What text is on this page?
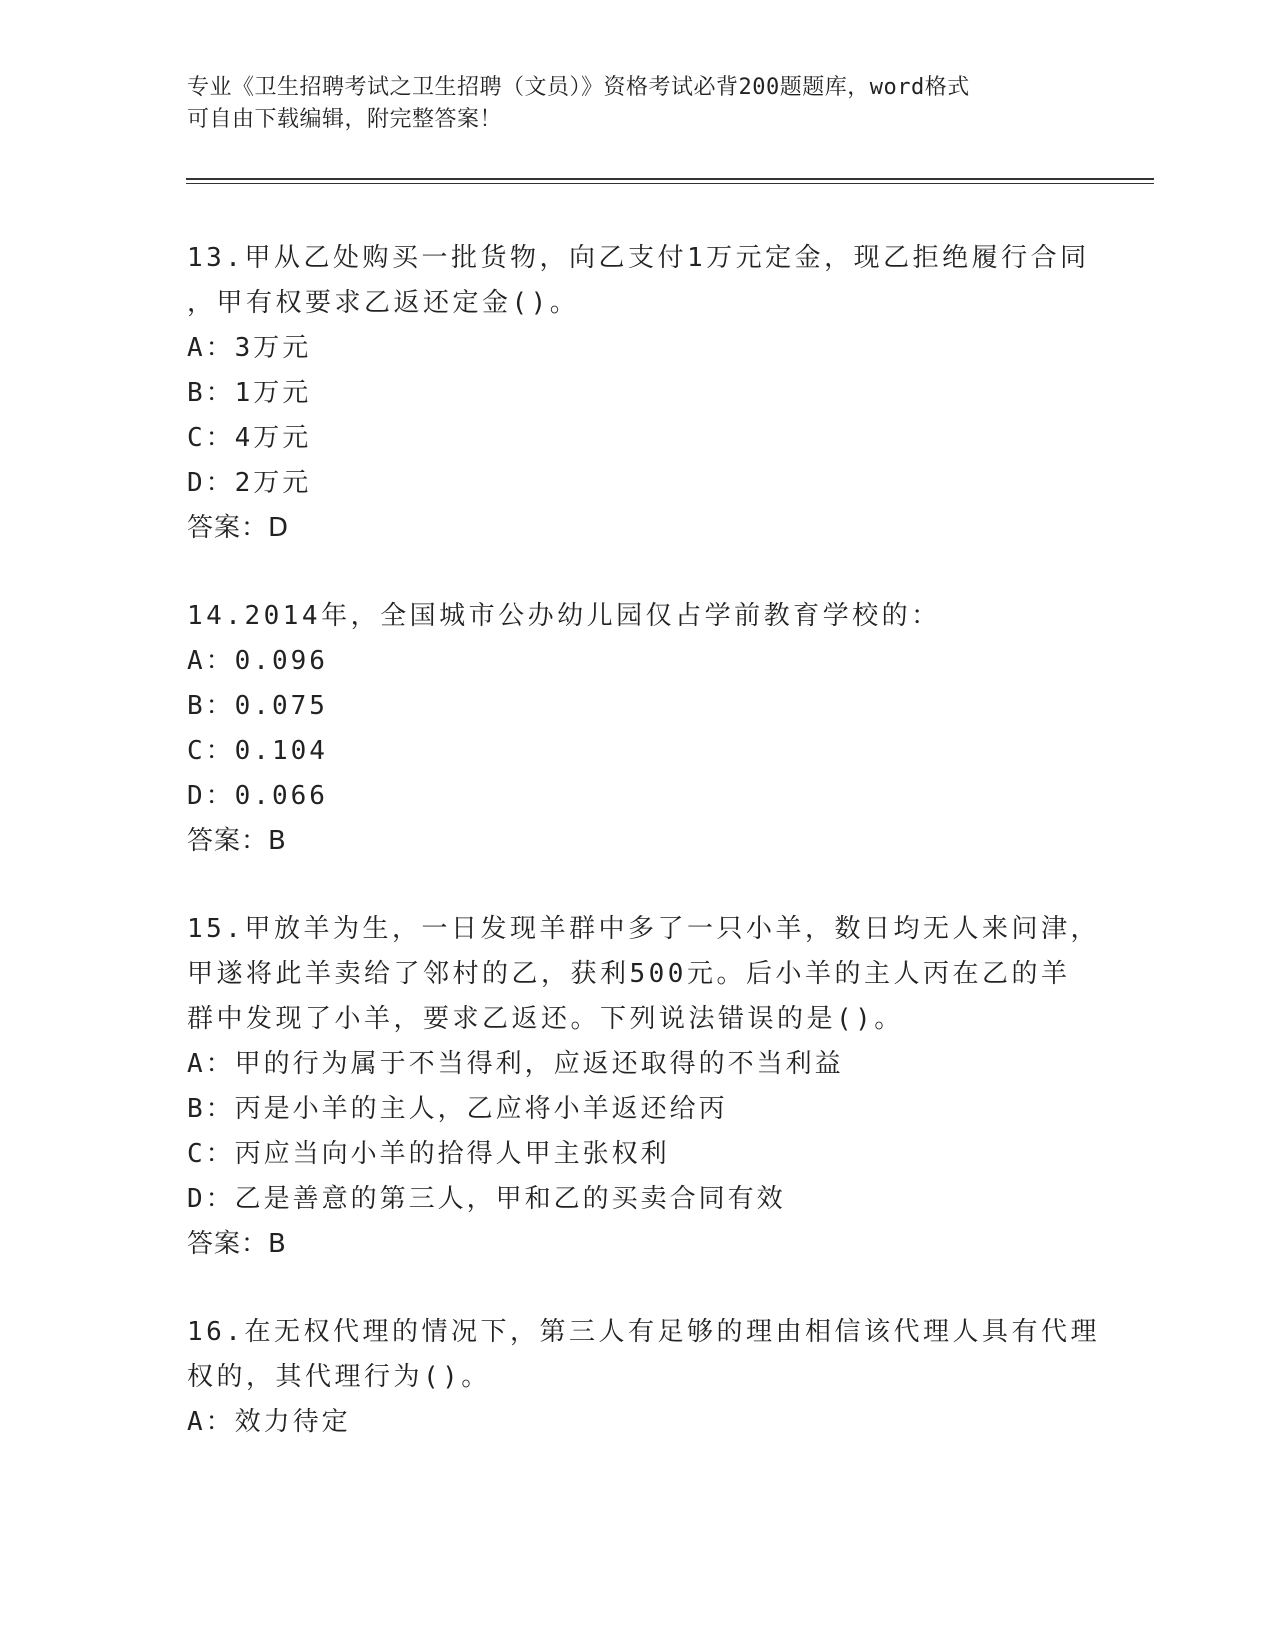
专业《卫生招聘考试之卫生招聘（文员）》资格考试必背200题题库，word格式
可自由下载编辑，附完整答案！
13.甲从乙处购买一批货物，向乙支付1万元定金，现乙拒绝履行合同
，甲有权要求乙返还定金()。
A：3万元
B：1万元
C：4万元
D：2万元
答案：D
14.2014年，全国城市公办幼儿园仅占学前教育学校的：
A：0.096
B：0.075
C：0.104
D：0.066
答案：B
15.甲放羊为生，一日发现羊群中多了一只小羊，数日均无人来问津，
甲遂将此羊卖给了邻村的乙，获利500元。后小羊的主人丙在乙的羊
群中发现了小羊，要求乙返还。下列说法错误的是()。
A：甲的行为属于不当得利，应返还取得的不当利益
B：丙是小羊的主人，乙应将小羊返还给丙
C：丙应当向小羊的拾得人甲主张权利
D：乙是善意的第三人，甲和乙的买卖合同有效
答案：B
16.在无权代理的情况下，第三人有足够的理由相信该代理人具有代理
权的，其代理行为()。
A：效力待定
